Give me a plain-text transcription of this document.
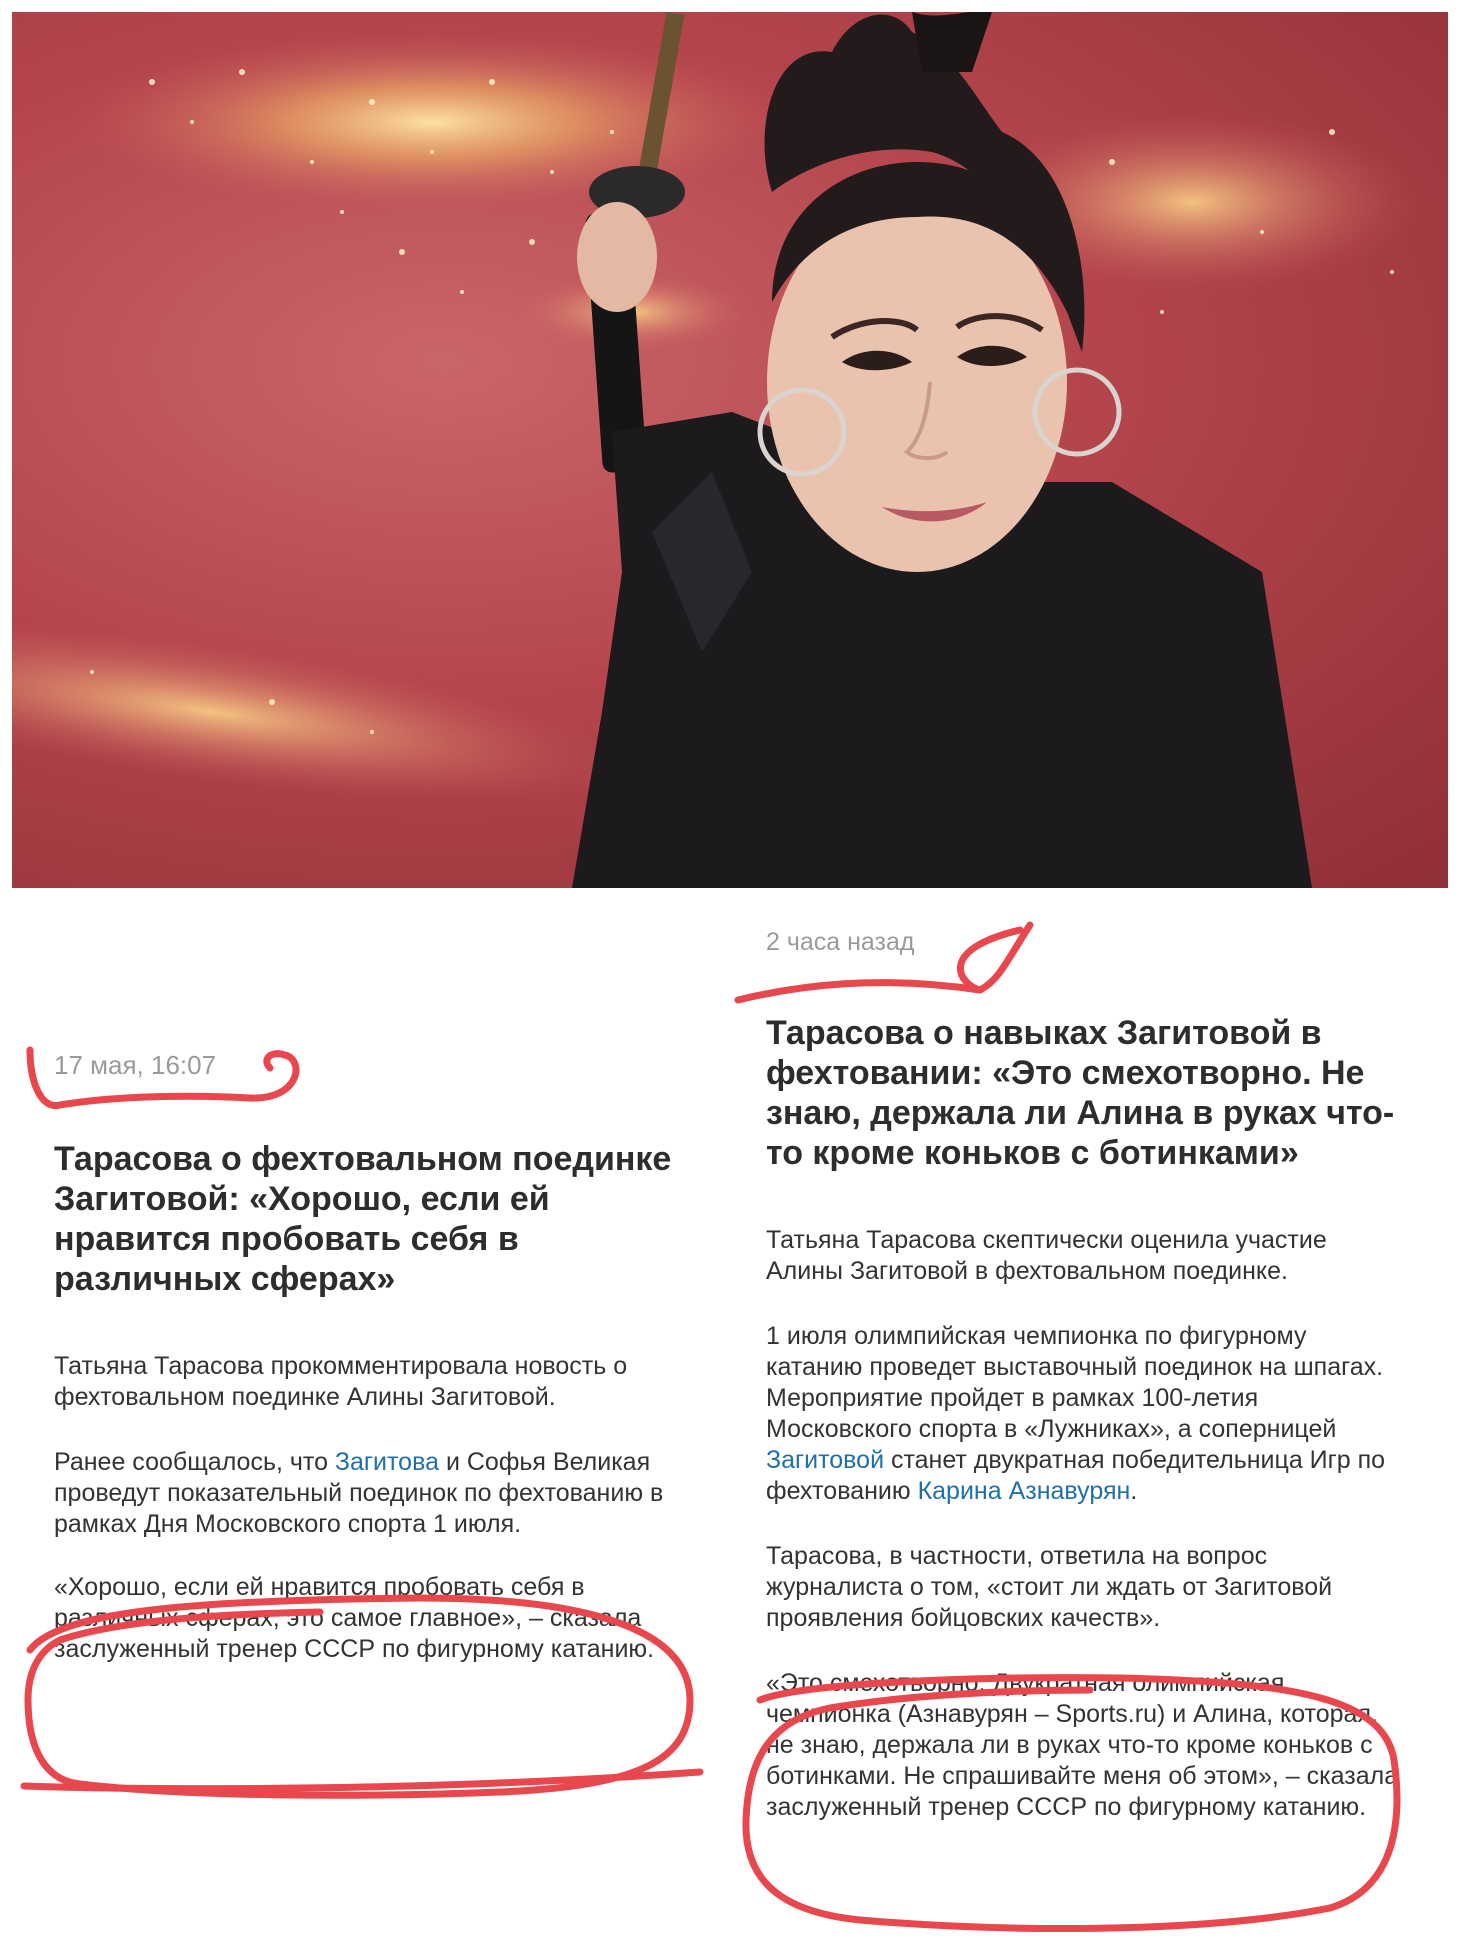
17 мая, 16:07
Тарасова о фехтовальном поединке Загитовой: «Хорошо, если ей нравится пробовать себя в различных сферах»

Татьяна Тарасова прокомментировала новость о фехтовальном поединке Алины Загитовой.

Ранее сообщалось, что Загитова и Софья Великая проведут показательный поединок по фехтованию в рамках Дня Московского спорта 1 июля.

«Хорошо, если ей нравится пробовать себя в различных сферах, это самое главное», – сказала заслуженный тренер СССР по фигурному катанию.

2 часа назад
Тарасова о навыках Загитовой в фехтовании: «Это смехотворно. Не знаю, держала ли Алина в руках что-то кроме коньков с ботинками»

Татьяна Тарасова скептически оценила участие Алины Загитовой в фехтовальном поединке.

1 июля олимпийская чемпионка по фигурному катанию проведет выставочный поединок на шпагах. Мероприятие пройдет в рамках 100-летия Московского спорта в «Лужниках», а соперницей Загитовой станет двукратная победительница Игр по фехтованию Карина Азнавурян.

Тарасова, в частности, ответила на вопрос журналиста о том, «стоит ли ждать от Загитовой проявления бойцовских качеств».

«Это смехотворно. Двукратная олимпийская чемпионка (Азнавурян – Sports.ru) и Алина, которая, не знаю, держала ли в руках что-то кроме коньков с ботинками. Не спрашивайте меня об этом», – сказала заслуженный тренер СССР по фигурному катанию.
